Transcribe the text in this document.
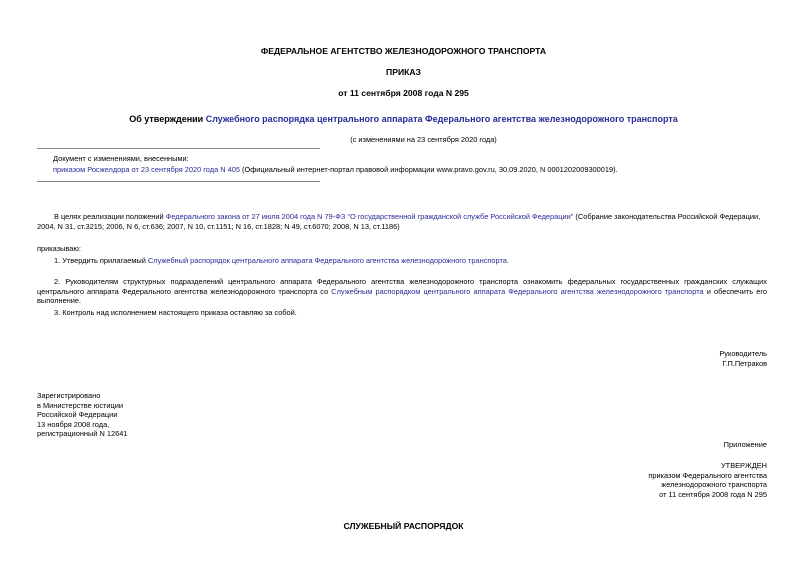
ФЕДЕРАЛЬНОЕ АГЕНТСТВО ЖЕЛЕЗНОДОРОЖНОГО ТРАНСПОРТА
ПРИКАЗ
от 11 сентября 2008 года N 295
Об утверждении Служебного распорядка центрального аппарата Федерального агентства железнодорожного транспорта
(с изменениями на 23 сентября 2020 года)
Документ с изменениями, внесенными:
приказом Росжелдора от 23 сентября 2020 года N 405 (Официальный интернет-портал правовой информации www.pravo.gov.ru, 30.09.2020, N 0001202009300019).
В целях реализации положений Федерального закона от 27 июля 2004 года N 79-ФЗ "О государственной гражданской службе Российской Федерации" (Собрание законодательства Российской Федерации, 2004, N 31, ст.3215; 2006, N 6, ст.636; 2007, N 10, ст.1151; N 16, ст.1828; N 49, ст.6070; 2008, N 13, ст.1186)
приказываю:
1. Утвердить прилагаемый Служебный распорядок центрального аппарата Федерального агентства железнодорожного транспорта.
2. Руководителям структурных подразделений центрального аппарата Федерального агентства железнодорожного транспорта ознакомить федеральных государственных гражданских служащих центрального аппарата Федерального агентства железнодорожного транспорта со Служебным распорядком центрального аппарата Федерального агентства железнодорожного транспорта и обеспечить его выполнение.
3. Контроль над исполнением настоящего приказа оставляю за собой.
Руководитель
Г.П.Петраков
Зарегистрировано
в Министерстве юстиции
Российской Федерации
13 ноября 2008 года,
регистрационный N 12641
Приложение
УТВЕРЖДЕН
приказом Федерального агентства
железнодорожного транспорта
от 11 сентября 2008 года N 295
СЛУЖЕБНЫЙ РАСПОРЯДОК
